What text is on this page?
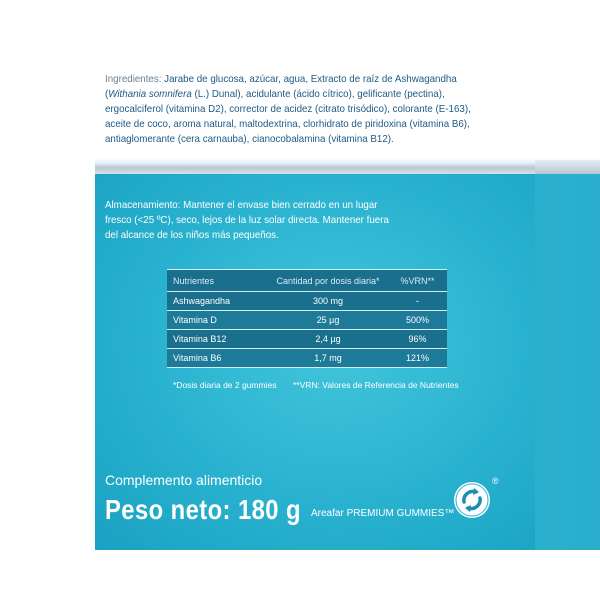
Ingredientes: Jarabe de glucosa, azúcar, agua, Extracto de raíz de Ashwagandha (Withania somnifera (L.) Dunal), acidulante (ácido cítrico), gelificante (pectina), ergocalciferol (vitamina D2), corrector de acidez (citrato trisódico), colorante (E-163), aceite de coco, aroma natural, maltodextrina, clorhidrato de piridoxina (vitamina B6), antiaglomerante (cera carnauba), cianocobalamina (vitamina B12).
Almacenamiento: Mantener el envase bien cerrado en un lugar fresco (<25 ºC), seco, lejos de la luz solar directa. Mantener fuera del alcance de los niños más pequeños.
Nutrientes	Cantidad por dosis diaria*	%VRN**
Ashwagandha	300 mg	-
Vitamina D	25 µg	500%
Vitamina B12	2,4 µg	96%
Vitamina B6	1,7 mg	121%
*Dosis diaria de 2 gummies **VRN: Valores de Referencia de Nutrientes
Complemento alimenticio
Peso neto: 180 g Areafar PREMIUM GUMMIES™
®
